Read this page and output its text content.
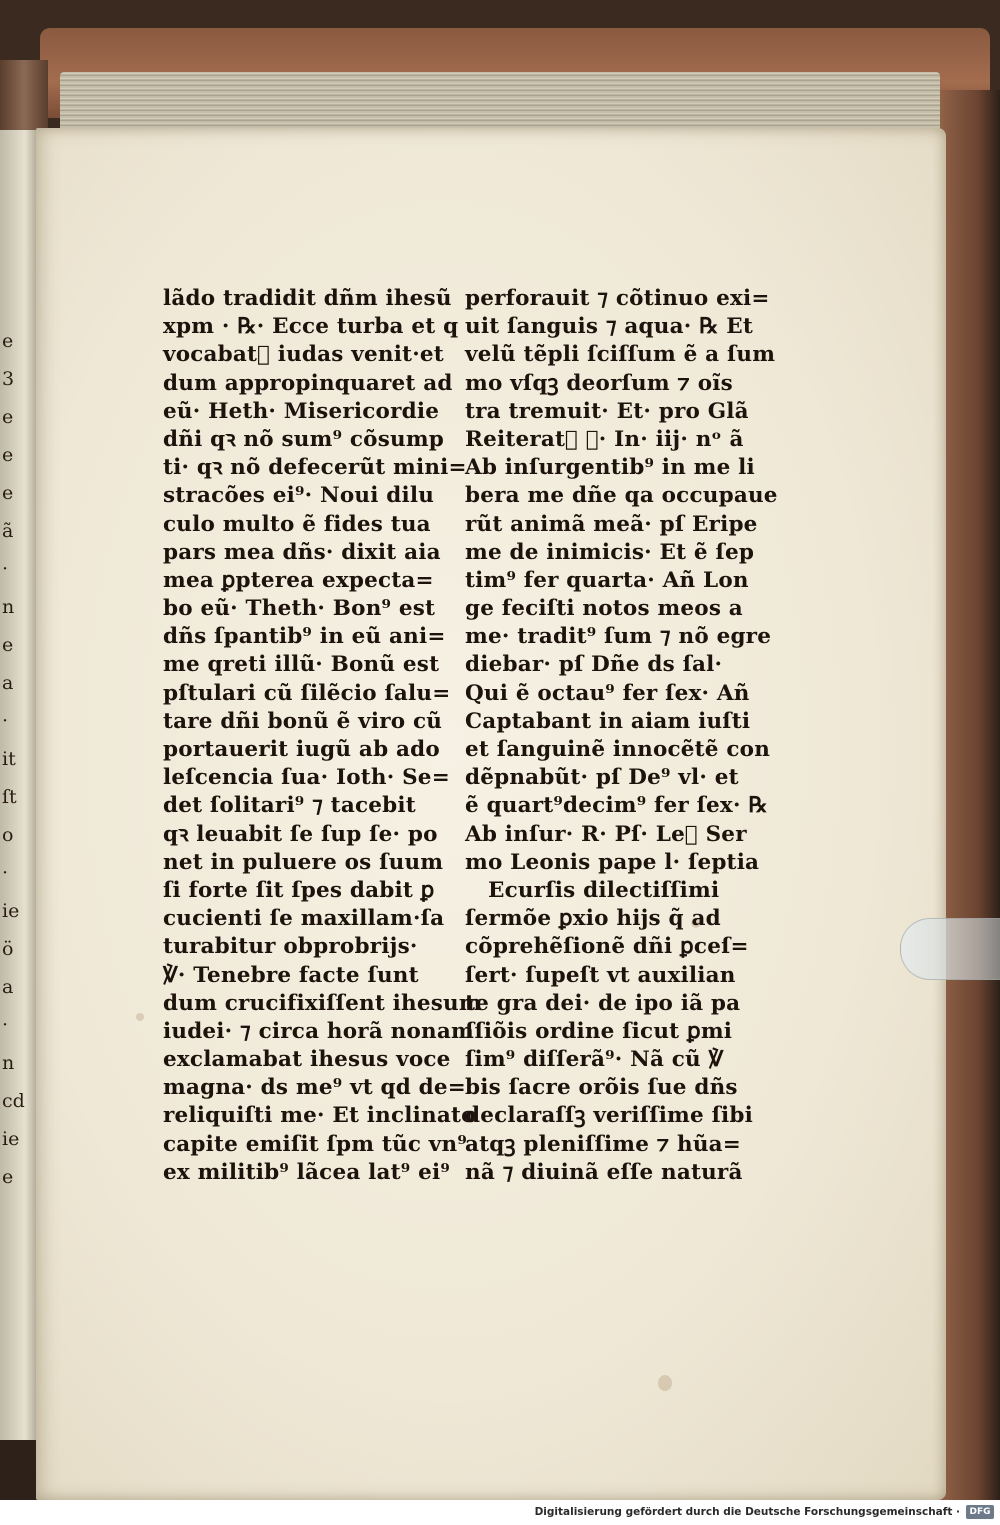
e
3
e
e
e
ã
·
n
e
a
·
it
ſt
o
·
ie
ö
a
·
n
cd
ie
e
lãdo tradidit dñm ihesũ
xpm · ℞· Ecce turba et q
vocabat᷑ iudas venit·et
dum appropinquaret ad
eũ· Heth· Misericordie
dñi qꝛ nõ sum⁹ cõsump
ti· qꝛ nõ defecerũt mini=
stracões ei⁹· Noui dilu
culo multo ẽ fides tua
pars mea dñs· dixit aia
mea ꝑpterea expecta=
bo eũ· Theth· Bon⁹ est
dñs ſpantib⁹ in eũ ani=
me qreti illũ· Bonũ est
pſtulari cũ ſilẽcio ſalu=
tare dñi bonũ ẽ viro cũ
portauerit iugũ ab ado
leſcencia ſua· Ioth· Se=
det ſolitari⁹ ⁊ tacebit
qꝛ leuabit ſe ſup ſe· po
net in puluere os ſuum
ſi forte ſit ſpes dabit ꝑ
cucienti ſe maxillam·ſa
turabitur obprobrijs·
℣· Tenebre facte ſunt
dum crucifixiſſent ihesum
iudei· ⁊ circa horã nonam
exclamabat ihesus voce
magna· ds me⁹ vt qd de=
reliquiſti me· Et inclinato
capite emiſit ſpm tũc vn⁹
ex militib⁹ lãcea lat⁹ ei⁹
perforauit ⁊ cõtinuo exi=
uit ſanguis ⁊ aqua· ℞ Et
velũ tẽpli ſciſſum ẽ a ſum
mo vſqꝫ deorſum ⁊ oĩs
tra tremuit· Et· pro Glã
Reiterat᷑ ℣· In· iij· nᵒ ã
Ab inſurgentib⁹ in me li
bera me dñe qa occupaue
rũt animã meã· pſ Eripe
me de inimicis· Et ẽ ſep
tim⁹ fer quarta· Añ Lon
ge feciſti notos meos a
me· tradit⁹ ſum ⁊ nõ egre
diebar· pſ Dñe ds ſal·
Qui ẽ octau⁹ fer ſex· Añ
Captabant in aiam iuſti
et ſanguinẽ innocẽtẽ con
dẽpnabũt· pſ De⁹ vl· et
ẽ quart⁹decim⁹ fer ſex· ℞
Ab inſur· R· Pſ· Le᷑ Ser
mo Leonis pape l· ſeptia
Ecurſis dilectiſſimi
ſermõe ꝑxio hijs q̃ ad
cõprehẽſionẽ dñi ꝑceſ=
ſert· ſupeſt vt auxilian
te gra dei· de ipo iã pa
ſſiõis ordine ſicut ꝑmi
ſim⁹ diſſerã⁹· Nã cũ ℣
bis ſacre orõis ſue dñs
declaraſſꝫ veriſſime ſibi
atqꝫ pleniſſime ⁊ hũa=
nã ⁊ diuinã eſſe naturã
Digitalisierung gefördert durch die Deutsche Forschungsgemeinschaft ·	DFG
